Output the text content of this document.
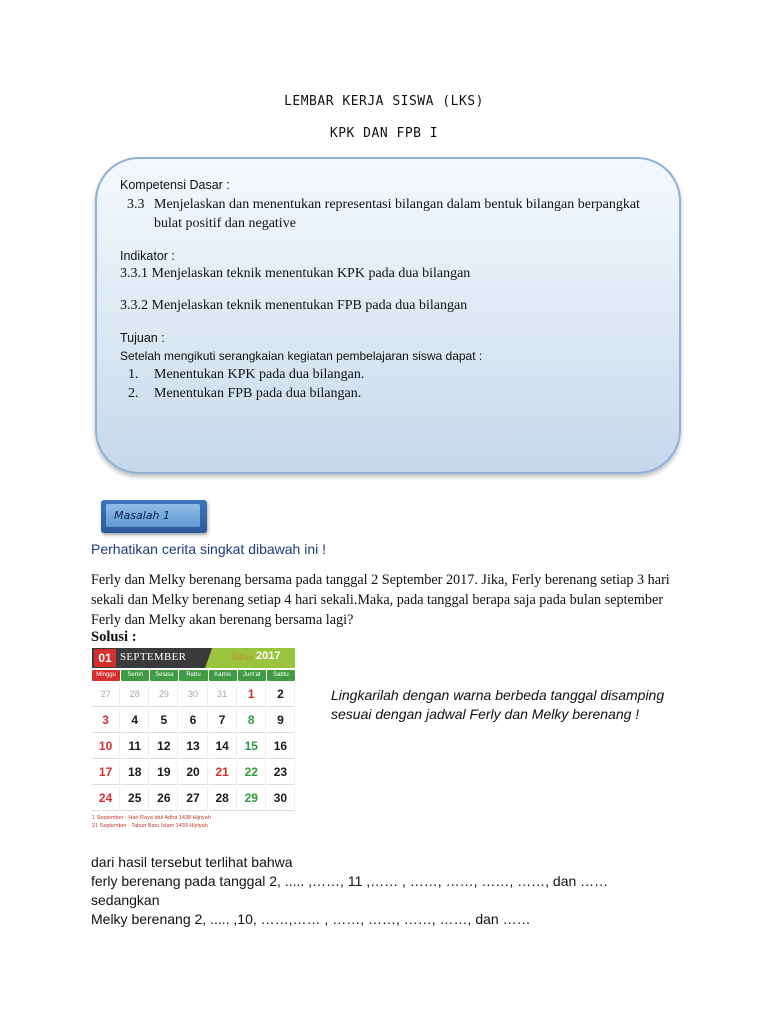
LEMBAR KERJA SISWA (LKS)
KPK DAN FPB I
Kompetensi Dasar :
3.3 Menjelaskan dan menentukan representasi bilangan dalam bentuk bilangan berpangkat
bulat positif dan negative
Indikator :
3.3.1 Menjelaskan teknik menentukan KPK pada dua bilangan
3.3.2 Menjelaskan teknik menentukan FPB pada dua bilangan
Tujuan :
Setelah mengikuti serangkaian kegiatan pembelajaran siswa dapat :
1. Menentukan KPK pada dua bilangan.
2. Menentukan FPB pada dua bilangan.
Masalah 1
Perhatikan cerita singkat dibawah ini !
Ferly dan Melky berenang bersama pada tanggal 2 September 2017. Jika, Ferly berenang setiap 3 hari
sekali dan Melky berenang setiap 4 hari sekali.Maka, pada tanggal berapa saja pada bulan september
Ferly dan Melky akan berenang bersama lagi?
Solusi :
01 SEPTEMBER	Tahun 2017
Minggu	Senin	Selasa	Rabu	Kamis	Jum'at	Sabtu
27	28	29	30	31	1	2
3	4	5	6	7	8	9
10	11	12	13	14	15	16
17	18	19	20	21	22	23
24	25	26	27	28	29	30
1 September - Hari Raya Idul Adha 1438 Hijriyah
21 September - Tahun Baru Islam 1439 Hijriyah
Lingkarilah dengan warna berbeda tanggal disamping
sesuai dengan jadwal Ferly dan Melky berenang !
dari hasil tersebut terlihat bahwa
ferly berenang pada tanggal 2, ..... ,……, 11 ,…… , ……, ……, ……, ……, dan ……
sedangkan
Melky berenang 2, ..... ,10, ……,…… , ……, ……, ……, ……, dan ……
